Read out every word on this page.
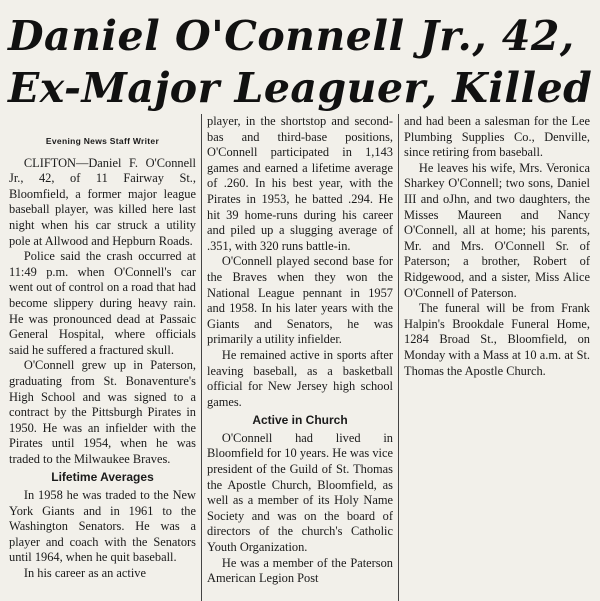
Daniel O'Connell Jr., 42,
Ex-Major Leaguer, Killed
Evening News Staff Writer

CLIFTON—Daniel F. O'Connell Jr., 42, of 11 Fairway St., Bloomfield, a former major league baseball player, was killed here last night when his car struck a utility pole at Allwood and Hepburn Roads.

Police said the crash occurred at 11:49 p.m. when O'Connell's car went out of control on a road that had become slippery during heavy rain. He was pronounced dead at Passaic General Hospital, where officials said he suffered a fractured skull.

O'Connell grew up in Paterson, graduating from St. Bonaventure's High School and was signed to a contract by the Pittsburgh Pirates in 1950. He was an infielder with the Pirates until 1954, when he was traded to the Milwaukee Braves.

Lifetime Averages

In 1958 he was traded to the New York Giants and in 1961 to the Washington Senators. He was a player and coach with the Senators until 1964, when he quit baseball.

In his career as an active

player, in the shortstop and second-bas and third-base positions, O'Connell participated in 1,143 games and earned a lifetime average of .260. In his best year, with the Pirates in 1953, he batted .294. He hit 39 home-runs during his career and piled up a slugging average of .351, with 320 runs battle-in.

O'Connell played second base for the Braves when they won the National League pennant in 1957 and 1958. In his later years with the Giants and Senators, he was primarily a utility infielder.

He remained active in sports after leaving baseball, as a basketball official for New Jersey high school games.

Active in Church

O'Connell had lived in Bloomfield for 10 years. He was vice president of the Guild of St. Thomas the Apostle Church, Bloomfield, as well as a member of its Holy Name Society and was on the board of directors of the church's Catholic Youth Organization.

He was a member of the Paterson American Legion Post

and had been a salesman for the Lee Plumbing Supplies Co., Denville, since retiring from baseball.

He leaves his wife, Mrs. Veronica Sharkey O'Connell; two sons, Daniel III and oJhn, and two daughters, the Misses Maureen and Nancy O'Connell, all at home; his parents, Mr. and Mrs. O'Connell Sr. of Paterson; a brother, Robert of Ridgewood, and a sister, Miss Alice O'Connell of Paterson.

The funeral will be from Frank Halpin's Brookdale Funeral Home, 1284 Broad St., Bloomfield, on Monday with a Mass at 10 a.m. at St. Thomas the Apostle Church.
